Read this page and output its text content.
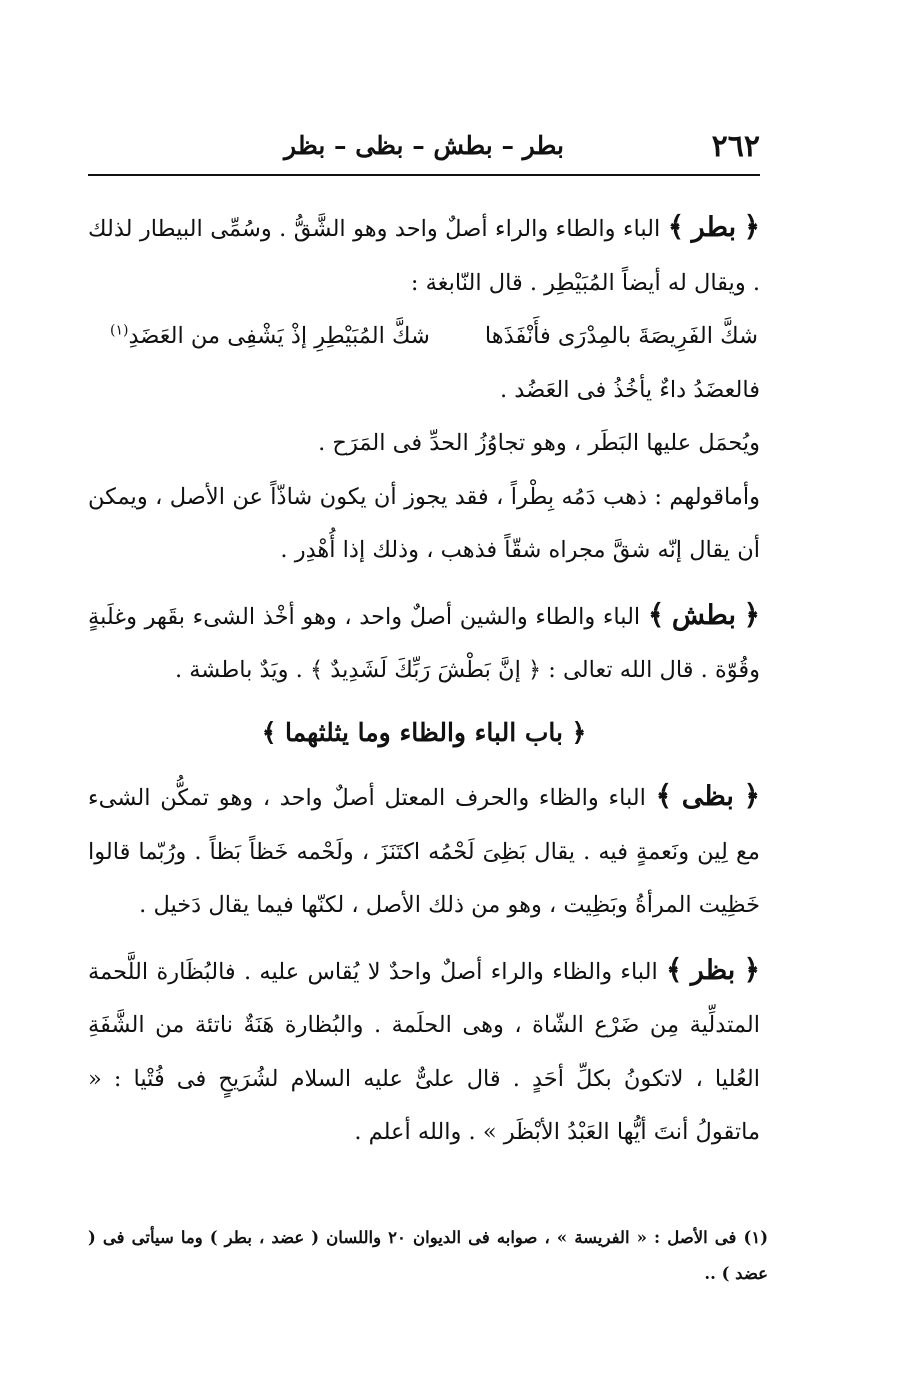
٢٦٢
بطر – بطش – بظى – بظر

﴿ بطر ﴾ الباء والطاء والراء أصلٌ واحد وهو الشَّقُّ . وسُمِّى البيطار لذلك . ويقال له أيضاً المُبَيْطِر . قال النّابغة :

شكَّ الفَرِيصَةَ بالمِدْرَى فأَنْفَذَها
شكَّ المُبَيْطِرِ إذْ يَشْفِى من العَضَدِ$^{(١)}$

فالعضَدُ داءٌ يأخُذُ فى العَضُد .

ويُحمَل عليها البَطَر ، وهو تجاوُزُ الحدِّ فى المَرَح .

وأماقولهم : ذهب دَمُه بِطْراً ، فقد يجوز أن يكون شاذّاً عن الأصل ، ويمكن أن يقال إنّه شقَّ مجراه شقّاً فذهب ، وذلك إذا أُهْدِر .

﴿ بطش ﴾ الباء والطاء والشين أصلٌ واحد ، وهو أخْذ الشىء بقَهر وغلَبةٍ وقُوّة . قال الله تعالى : ﴿ إنَّ بَطْشَ رَبِّكَ لَشَدِيدٌ ﴾ . ويَدٌ باطشة .

﴿ باب الباء والظاء وما يثلثهما ﴾

﴿ بظى ﴾ الباء والظاء والحرف المعتل أصلٌ واحد ، وهو تمكُّن الشىء مع لِين ونَعمةٍ فيه . يقال بَظِىَ لَحْمُه اكتَنَزَ ، ولَحْمه خَظاً بَظاً . ورُبّما قالوا خَظِيت المرأةُ وبَظِيت ، وهو من ذلك الأصل ، لكنّها فيما يقال دَخيل .

﴿ بظر ﴾ الباء والظاء والراء أصلٌ واحدٌ لا يُقاس عليه . فالبُظَارة اللَّحمة المتدلِّية مِن ضَرْع الشّاة ، وهى الحلَمة . والبُظارة هَنَةٌ ناتئة من الشَّفَةِ العُليا ، لاتكونُ بكلِّ أحَدٍ . قال علىٌّ عليه السلام لشُرَيحٍ فى فُتْيا : « ماتقولُ أنتَ أيُّها العَبْدُ الأبْظَر » . والله أعلم .

(١) فى الأصل : « الفريسة » ، صوابه فى الديوان ٢٠ واللسان ( عضد ، بطر ) وما سيأتى فى ( عضد ) ..
